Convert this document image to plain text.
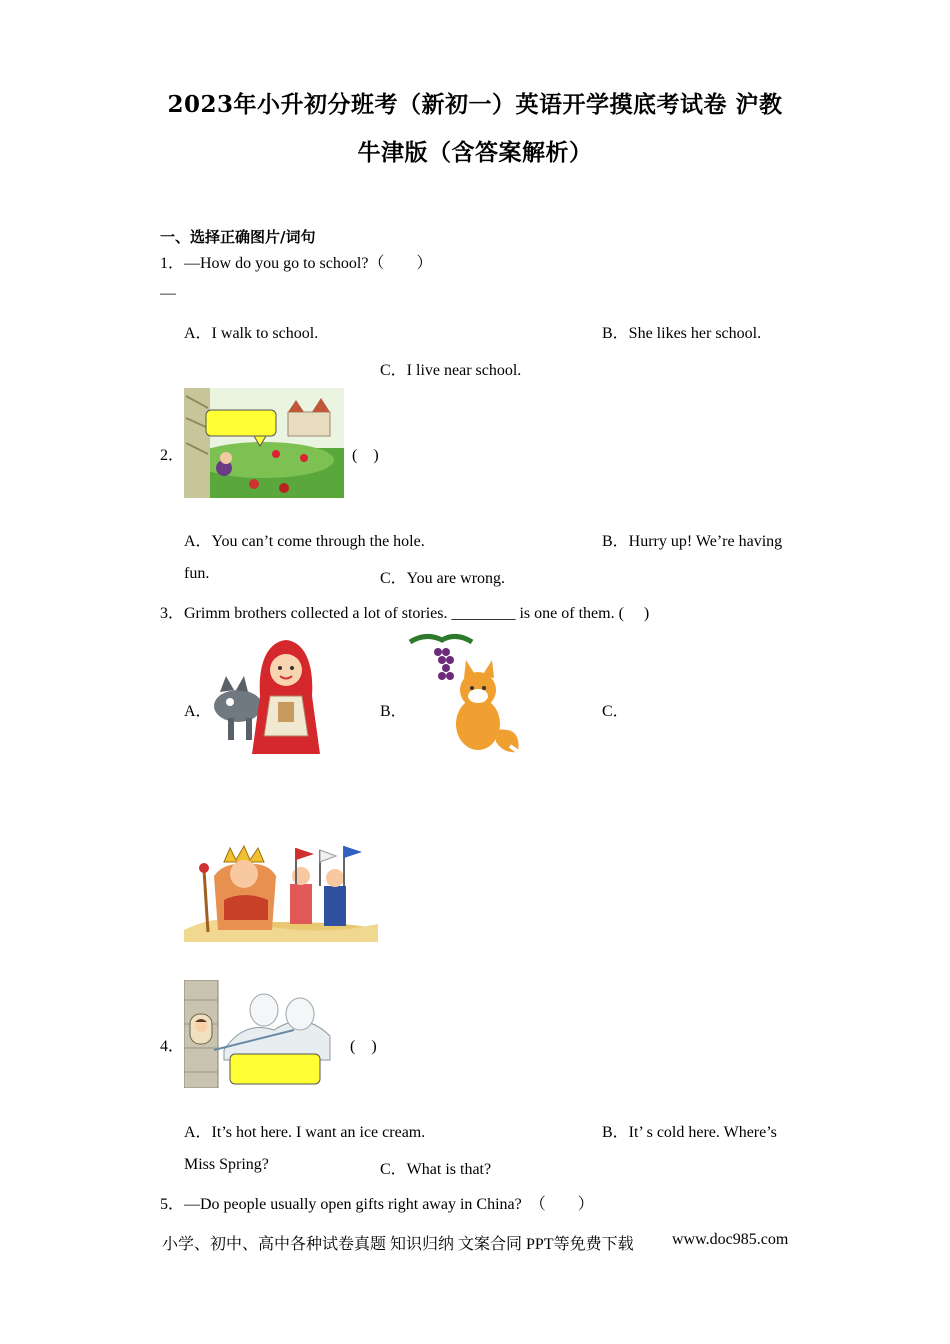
2023年小升初分班考（新初一）英语开学摸底考试卷 沪教
牛津版（含答案解析）
一、选择正确图片/词句
1．—How do you go to school?（　　）
—
A．I walk to school.	B．She likes her school.
C．I live near school.
2．	(　)
A．You can’t come through the hole.	B．Hurry up! We’re having
fun.	C．You are wrong.
3．Grimm brothers collected a lot of stories. ________ is one of them. (　 )
A．	B．	C．
4．	(　)
A．It’s hot here. I want an ice cream.	B．It’ s cold here. Where’s
Miss Spring?	C．What is that?
5．—Do people usually open gifts right away in China?　（　　）
小学、初中、高中各种试卷真题 知识归纳 文案合同 PPT等免费下载 www.doc985.com
